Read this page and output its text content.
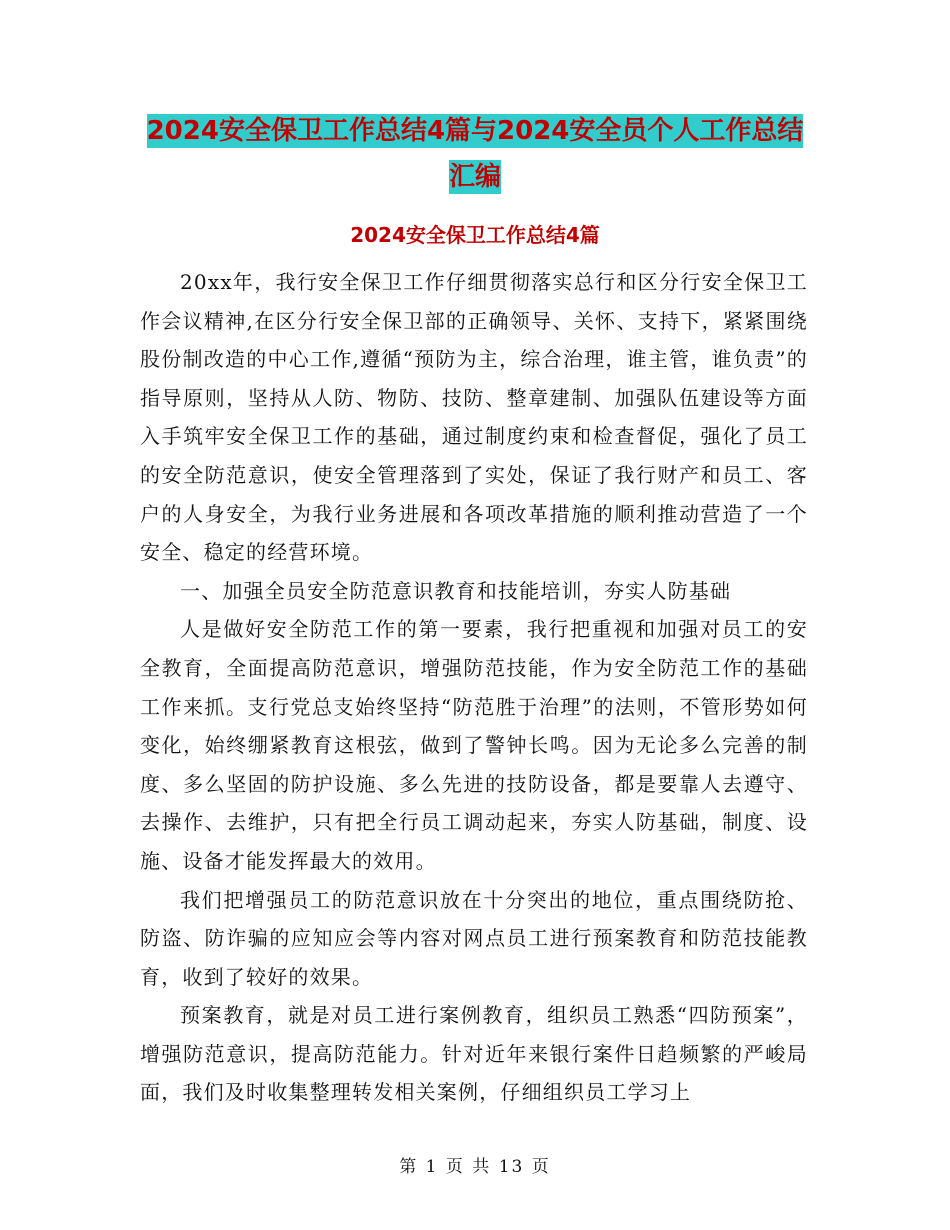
2024安全保卫工作总结4篇与2024安全员个人工作总结汇编
2024安全保卫工作总结4篇

20xx年，我行安全保卫工作仔细贯彻落实总行和区分行安全保卫工作会议精神,在区分行安全保卫部的正确领导、关怀、支持下，紧紧围绕股份制改造的中心工作,遵循“预防为主，综合治理，谁主管，谁负责”的指导原则，坚持从人防、物防、技防、整章建制、加强队伍建设等方面入手筑牢安全保卫工作的基础，通过制度约束和检查督促，强化了员工的安全防范意识，使安全管理落到了实处，保证了我行财产和员工、客户的人身安全，为我行业务进展和各项改革措施的顺利推动营造了一个安全、稳定的经营环境。

一、加强全员安全防范意识教育和技能培训，夯实人防基础

人是做好安全防范工作的第一要素，我行把重视和加强对员工的安全教育，全面提高防范意识，增强防范技能，作为安全防范工作的基础工作来抓。支行党总支始终坚持“防范胜于治理”的法则，不管形势如何变化，始终绷紧教育这根弦，做到了警钟长鸣。因为无论多么完善的制度、多么坚固的防护设施、多么先进的技防设备，都是要靠人去遵守、去操作、去维护，只有把全行员工调动起来，夯实人防基础，制度、设施、设备才能发挥最大的效用。

我们把增强员工的防范意识放在十分突出的地位，重点围绕防抢、防盗、防诈骗的应知应会等内容对网点员工进行预案教育和防范技能教育，收到了较好的效果。

预案教育，就是对员工进行案例教育，组织员工熟悉“四防预案”，增强防范意识，提高防范能力。针对近年来银行案件日趋频繁的严峻局面，我们及时收集整理转发相关案例，仔细组织员工学习上

第 1 页 共 13 页
